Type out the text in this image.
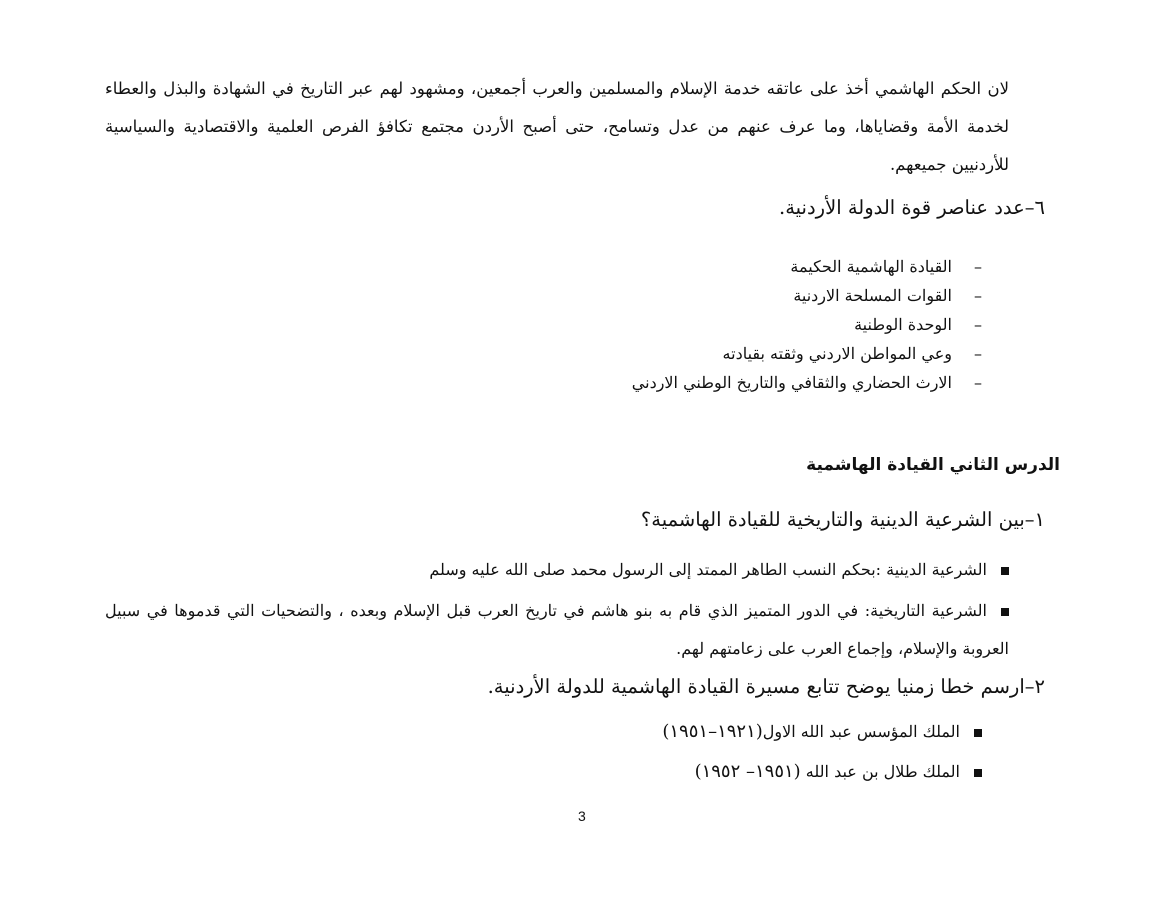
لان الحكم الهاشمي أخذ على عاتقه خدمة الإسلام والمسلمين والعرب أجمعين، ومشهود لهم عبر التاريخ في الشهادة والبذل والعطاء لخدمة الأمة وقضاياها، وما عرف عنهم من عدل وتسامح، حتى أصبح الأردن مجتمع تكافؤ الفرص العلمية والاقتصادية والسياسية للأردنيين جميعهم.

٦–عدد عناصر قوة الدولة الأردنية.
–القيادة الهاشمية الحكيمة
–القوات المسلحة الاردنية
–الوحدة الوطنية
–وعي المواطن الاردني وثقته بقيادته
–الارث الحضاري والثقافي والتاريخ الوطني الاردني
الدرس الثاني القيادة الهاشمية
١–بين الشرعية الدينية والتاريخية للقيادة الهاشمية؟
الشرعية الدينية :بحكم النسب الطاهر الممتد إلى الرسول محمد صلى الله عليه وسلم
الشرعية التاريخية: في الدور المتميز الذي قام به بنو هاشم في تاريخ العرب قبل الإسلام وبعده ، والتضحيات التي قدموها في سبيل العروبة والإسلام، وإجماع العرب على زعامتهم لهم.
٢–ارسم خطا زمنيا يوضح تتابع مسيرة القيادة الهاشمية للدولة الأردنية.
الملك المؤسس عبد الله الاول(١٩٢١–١٩٥١)
الملك طلال بن عبد الله (١٩٥١– ١٩٥٢)
3
